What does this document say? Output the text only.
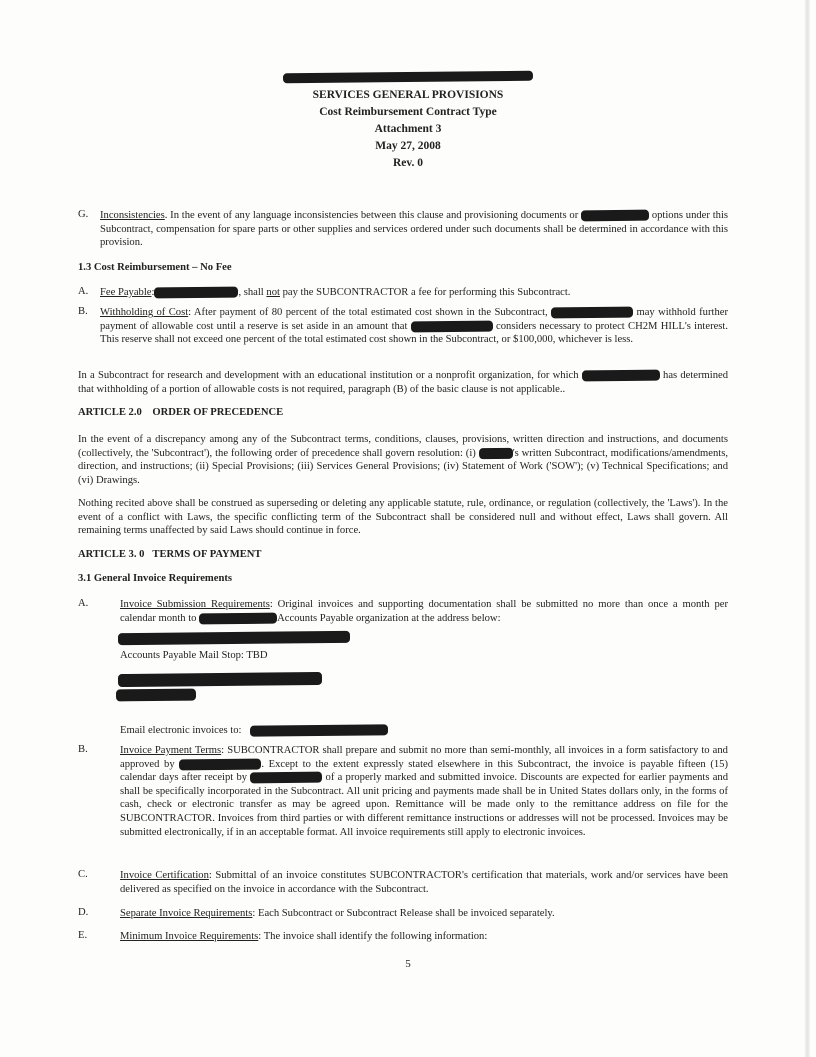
SERVICES GENERAL PROVISIONS
Cost Reimbursement Contract Type
Attachment 3
May 27, 2008
Rev. 0
G. Inconsistencies. In the event of any language inconsistencies between this clause and provisioning documents or	options under this Subcontract, compensation for spare parts or other supplies and services ordered under such documents shall be determined in accordance with this provision.
1.3 Cost Reimbursement – No Fee
A. Fee Payable:	, shall not pay the SUBCONTRACTOR a fee for performing this Subcontract.
B. Withholding of Cost: After payment of 80 percent of the total estimated cost shown in the Subcontract,	may withhold further payment of allowable cost until a reserve is set aside in an amount that	considers necessary to protect CH2M HILL's interest. This reserve shall not exceed one percent of the total estimated cost shown in the Subcontract, or $100,000, whichever is less.
In a Subcontract for research and development with an educational institution or a nonprofit organization, for which	has determined that withholding of a portion of allowable costs is not required, paragraph (B) of the basic clause is not applicable..
ARTICLE 2.0 ORDER OF PRECEDENCE
In the event of a discrepancy among any of the Subcontract terms, conditions, clauses, provisions, written direction and instructions, and documents (collectively, the 'Subcontract'), the following order of precedence shall govern resolution: (i)	's written Subcontract, modifications/amendments, direction, and instructions; (ii) Special Provisions; (iii) Services General Provisions; (iv) Statement of Work ('SOW'); (v) Technical Specifications; and (vi) Drawings.
Nothing recited above shall be construed as superseding or deleting any applicable statute, rule, ordinance, or regulation (collectively, the 'Laws'). In the event of a conflict with Laws, the specific conflicting term of the Subcontract shall be considered null and without effect, Laws shall govern. All remaining terms unaffected by said Laws should continue in force.
ARTICLE 3. 0 TERMS OF PAYMENT
3.1 General Invoice Requirements
A.	Invoice Submission Requirements: Original invoices and supporting documentation shall be submitted no more than once a month per calendar month to	Accounts Payable organization at the address below:
Accounts Payable Mail Stop: TBD
Email electronic invoices to:
B.	Invoice Payment Terms: SUBCONTRACTOR shall prepare and submit no more than semi-monthly, all invoices in a form satisfactory to and approved by	. Except to the extent expressly stated elsewhere in this Subcontract, the invoice is payable fifteen (15) calendar days after receipt by	of a properly marked and submitted invoice. Discounts are expected for earlier payments and shall be specifically incorporated in the Subcontract. All unit pricing and payments made shall be in United States dollars only, in the forms of cash, check or electronic transfer as may be agreed upon. Remittance will be made only to the remittance address on file for the SUBCONTRACTOR. Invoices from third parties or with different remittance instructions or addresses will not be processed. Invoices may be submitted electronically, if in an acceptable format. All invoice requirements still apply to electronic invoices.
C.	Invoice Certification: Submittal of an invoice constitutes SUBCONTRACTOR's certification that materials, work and/or services have been delivered as specified on the invoice in accordance with the Subcontract.
D.	Separate Invoice Requirements: Each Subcontract or Subcontract Release shall be invoiced separately.
E.	Minimum Invoice Requirements: The invoice shall identify the following information:
5
